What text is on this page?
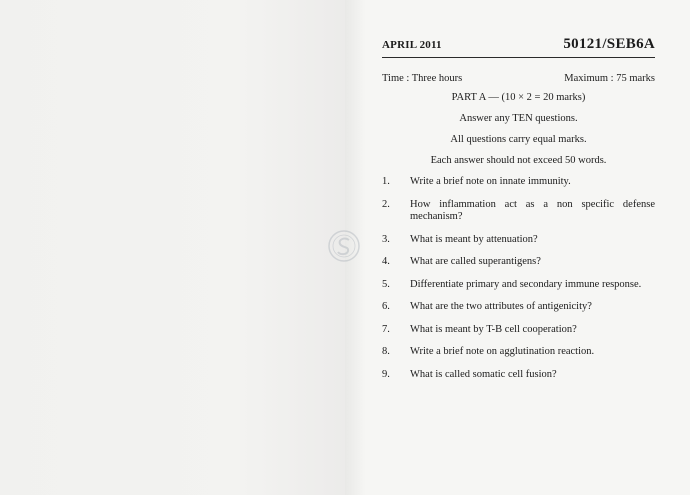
APRIL 2011	50121/SEB6A
Time : Three hours	Maximum : 75 marks
PART A — (10 × 2 = 20 marks)
Answer any TEN questions.
All questions carry equal marks.
Each answer should not exceed 50 words.
1.	Write a brief note on innate immunity.
2.	How inflammation act as a non specific defense mechanism?
3.	What is meant by attenuation?
4.	What are called superantigens?
5.	Differentiate primary and secondary immune response.
6.	What are the two attributes of antigenicity?
7.	What is meant by T-B cell cooperation?
8.	Write a brief note on agglutination reaction.
9.	What is called somatic cell fusion?
